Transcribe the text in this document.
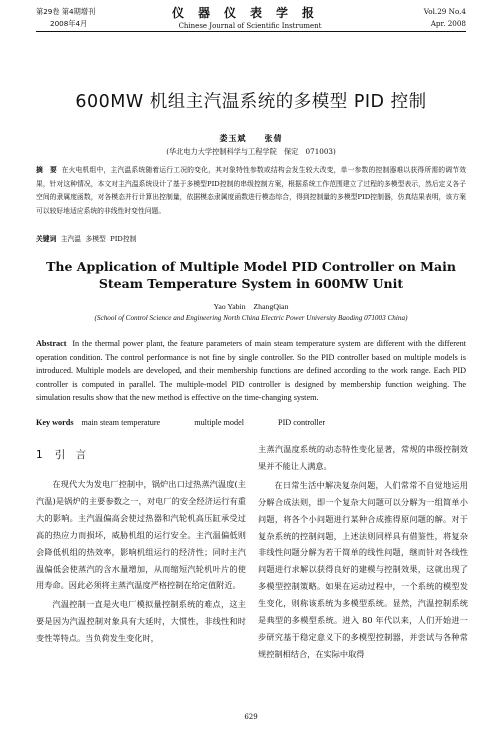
第29卷 第4期增刊
2008年4月
仪器仪表学报
Chinese Journal of Scientific Instrument
Vol.29 No.4
Apr. 2008
600MW 机组主汽温系统的多模型 PID 控制
娄玉斌　　张倩
(华北电力大学控制科学与工程学院　保定　071003)
摘　要 在火电机组中，主汽温系统随着运行工况的变化，其对象特性参数或结构会发生较大改变，单一参数的控制器难以获得所需的调节效果，针对这种情况，本文对主汽温系统设计了基于多模型PID控制的串级控制方案，根据系统工作范围建立了过程的多模型表示，然后定义各子空间的隶属度函数，对各模态并行计算出控制量，依据模态隶属度函数进行模态综合，得到控制量的多模型PID控制器，仿真结果表明，该方案可以较好地适应系统的非线性时变性问题。
关键词 主汽温 多模型 PID控制
The Application of Multiple Model PID Controller on Main Steam Temperature System in 600MW Unit
Yao Yabin　ZhangQian
(School of Control Science and Engineering North China Electric Power University Baoding 071003 China)
Abstract In the thermal power plant, the feature parameters of main steam temperature system are different with the different operation condition. The control performance is not fine by single controller. So the PID controller based on multiple models is introduced. Multiple models are developed, and their membership functions are defined according to the work range. Each PID controller is computed in parallel. The multiple-model PID controller is designed by membership function weighing. The simulation results show that the new method is effective on the time-changing system.
Key words main steam temperature	multiple model	PID controller
1 引　言

在现代大为发电厂控制中，锅炉出口过热蒸汽温度(主汽温)是锅炉的主要参数之一，对电厂的安全经济运行有重大的影响。主汽温偏高会使过热器和汽轮机高压缸承受过高的热应力而损坏，威胁机组的运行安全。主汽温偏低则会降低机组的热效率，影响机组运行的经济性；同时主汽温偏低会使蒸汽的含水量增加，从而缩短汽轮机叶片的使用寿命。因此必须将主蒸汽温度严格控制在给定值附近。

汽温控制一直是火电厂模拟量控制系统的难点，这主要是因为汽温控制对象具有大延时，大惯性，非线性和时变性等特点。当负荷发生变化时，

主蒸汽温度系统的动态特性变化显著，常规的串级控制效果并不能让人满意。

在日常生活中解决复杂问题，人们常常不自觉地运用分解合成法则，即一个复杂大问题可以分解为一组简单小问题，将各个小问题进行某种合成推得原问题的解。对于复杂系统的控制问题，上述法则同样具有借鉴性，将复杂非线性问题分解为若干简单的线性问题，继而针对各线性问题进行求解以获得良好的建模与控制效果，这就出现了多模型控制策略。如果在运动过程中，一个系统的模型发生变化，则称该系统为多模型系统。显然，汽温控制系统是典型的多模型系统。进入 80 年代以来，人们开始进一步研究基于稳定意义下的多模型控制器，并尝试与各种常规控制相结合，在实际中取得

629
